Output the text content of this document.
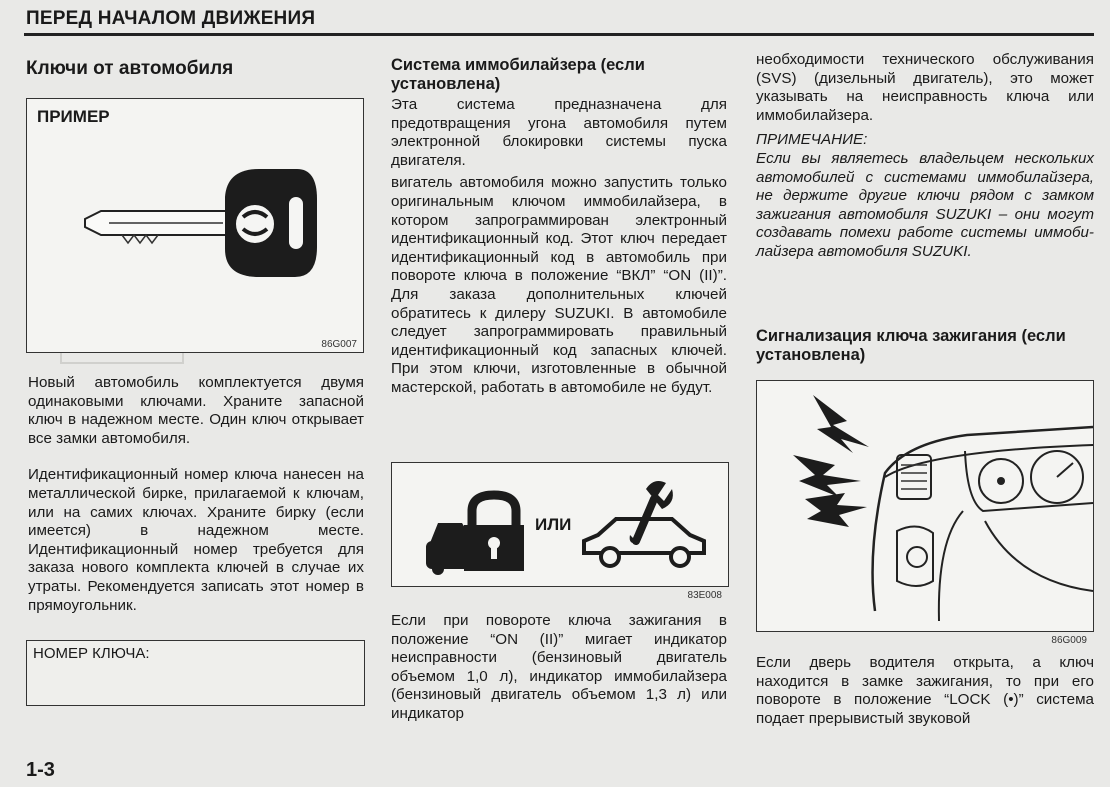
ПЕРЕД НАЧАЛОМ ДВИЖЕНИЯ
Ключи от автомобиля
ПРИМЕР
86G007

Новый автомобиль комплектуется двумя одинаковыми ключами. Храните запасной ключ в надежном месте. Один ключ открывает все замки автомобиля.

Идентификационный номер ключа нанесен на металлической бирке, прилагаемой к ключам, или на самих ключах. Храните бирку (если имеется) в надежном месте. Идентификационный номер требуется для заказа нового комплекта ключей в случае их утраты. Рекомендуется записать этот номер в прямоугольник.

НОМЕР КЛЮЧА:
1-3
Система иммобилайзера (если установлена)

Эта система предназначена для предотвращения угона автомобиля путем электронной блокировки системы пуска двигателя.

вигатель автомобиля можно запустить только оригинальным ключом иммобилайзера, в котором запрограммирован электронный идентификационный код. Этот ключ передает идентификационный код в автомобиль при повороте ключа в положение “ВКЛ” “ON (II)”. Для заказа дополнительных ключей обратитесь к дилеру SUZUKI. В автомобиле следует запрограммировать правильный идентификационный код запасных ключей. При этом ключи, изготовленные в обычной мастерской, работать в автомобиле не будут.

ИЛИ
83E008

Если при повороте ключа зажигания в положение “ON (II)” мигает индикатор неисправности (бензиновый двигатель объемом 1,0 л), индикатор иммобилайзера (бензиновый двигатель объемом 1,3 л) или индикатор

необходимости технического обслуживания (SVS) (дизельный двигатель), это может указывать на неисправность ключа или иммобилайзера.

ПРИМЕЧАНИЕ:

Если вы являетесь владельцем нескольких автомобилей с системами иммобилайзера, не держите другие ключи рядом с замком зажигания автомобиля SUZUKI – они могут создавать помехи работе системы иммоби-лайзера автомобиля SUZUKI.

Сигнализация ключа зажигания (если установлена)
86G009

Если дверь водителя открыта, а ключ находится в замке зажигания, то при его повороте в положение “LOCK (•)” система подает прерывистый звуковой
